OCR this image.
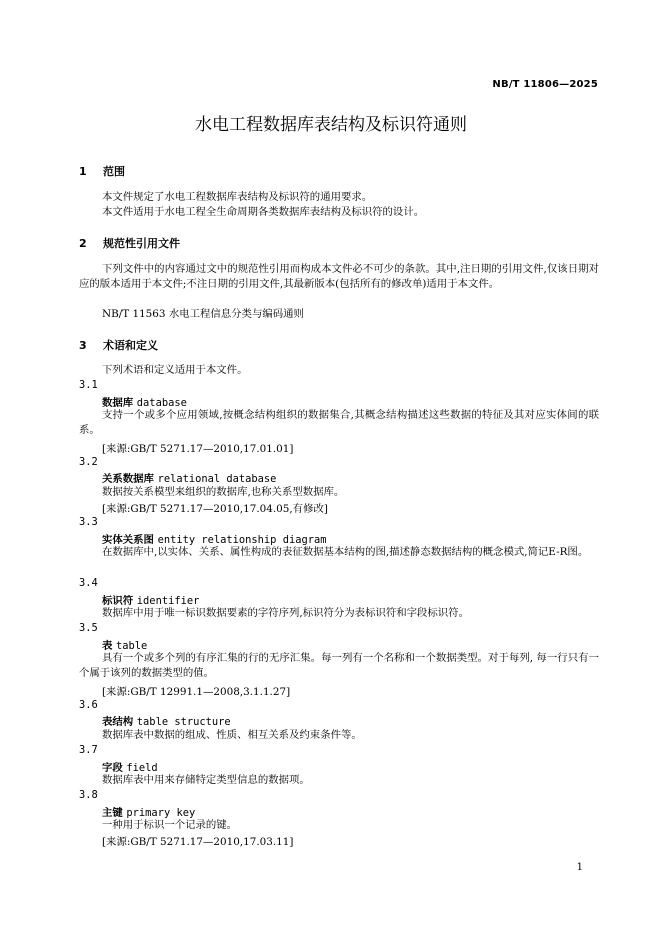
NB/T 11806—2025
水电工程数据库表结构及标识符通则
1 范围
本文件规定了水电工程数据库表结构及标识符的通用要求。
本文件适用于水电工程全生命周期各类数据库表结构及标识符的设计。
2 规范性引用文件
下列文件中的内容通过文中的规范性引用而构成本文件必不可少的条款。其中,注日期的引用文件,仅该日期对应的版本适用于本文件;不注日期的引用文件,其最新版本(包括所有的修改单)适用于本文件。
NB/T 11563 水电工程信息分类与编码通则
3 术语和定义
下列术语和定义适用于本文件。
3.1
数据库 database
支持一个或多个应用领域,按概念结构组织的数据集合,其概念结构描述这些数据的特征及其对应实体间的联系。
[来源:GB/T 5271.17—2010,17.01.01]
3.2
关系数据库 relational database
数据按关系模型来组织的数据库,也称关系型数据库。
[来源:GB/T 5271.17—2010,17.04.05,有修改]
3.3
实体关系图 entity relationship diagram
在数据库中,以实体、关系、属性构成的表征数据基本结构的图,描述静态数据结构的概念模式,简记E-R图。
3.4
标识符 identifier
数据库中用于唯一标识数据要素的字符序列,标识符分为表标识符和字段标识符。
3.5
表 table
具有一个或多个列的有序汇集的行的无序汇集。每一列有一个名称和一个数据类型。对于每列, 每一行只有一个属于该列的数据类型的值。
[来源:GB/T 12991.1—2008,3.1.1.27]
3.6
表结构 table structure
数据库表中数据的组成、性质、相互关系及约束条件等。
3.7
字段 field
数据库表中用来存储特定类型信息的数据项。
3.8
主键 primary key
一种用于标识一个记录的键。
[来源:GB/T 5271.17—2010,17.03.11]
1
